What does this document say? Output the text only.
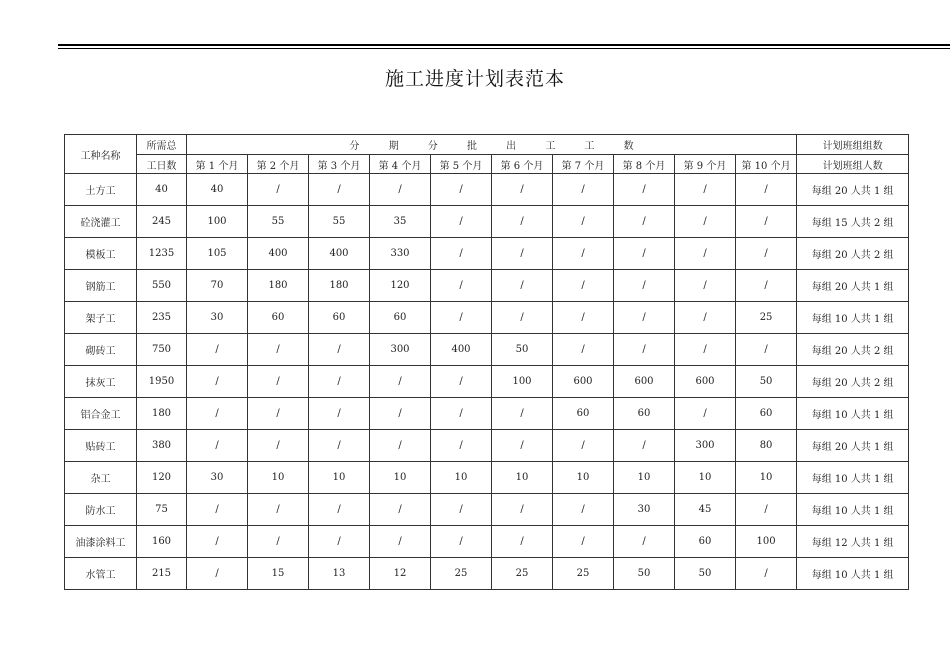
施工进度计划表范本
工种名称	所需总	分 期 分 批 出 工 工 数										计划班组组数
	工日数	第 1 个月	第 2 个月	第 3 个月	第 4 个月	第 5 个月	第 6 个月	第 7 个月	第 8 个月	第 9 个月	第 10 个月	计划班组人数
土方工	40	40	/	/	/	/	/	/	/	/	/	每组 20 人共 1 组
砼浇灌工	245	100	55	55	35	/	/	/	/	/	/	每组 15 人共 2 组
模板工	1235	105	400	400	330	/	/	/	/	/	/	每组 20 人共 2 组
钢筋工	550	70	180	180	120	/	/	/	/	/	/	每组 20 人共 1 组
架子工	235	30	60	60	60	/	/	/	/	/	25	每组 10 人共 1 组
砌砖工	750	/	/	/	300	400	50	/	/	/	/	每组 20 人共 2 组
抹灰工	1950	/	/	/	/	/	100	600	600	600	50	每组 20 人共 2 组
铝合金工	180	/	/	/	/	/	/	60	60	/	60	每组 10 人共 1 组
贴砖工	380	/	/	/	/	/	/	/	/	300	80	每组 20 人共 1 组
杂工	120	30	10	10	10	10	10	10	10	10	10	每组 10 人共 1 组
防水工	75	/	/	/	/	/	/	/	30	45	/	每组 10 人共 1 组
油漆涂料工	160	/	/	/	/	/	/	/	/	60	100	每组 12 人共 1 组
水管工	215	/	15	13	12	25	25	25	50	50	/	每组 10 人共 1 组
